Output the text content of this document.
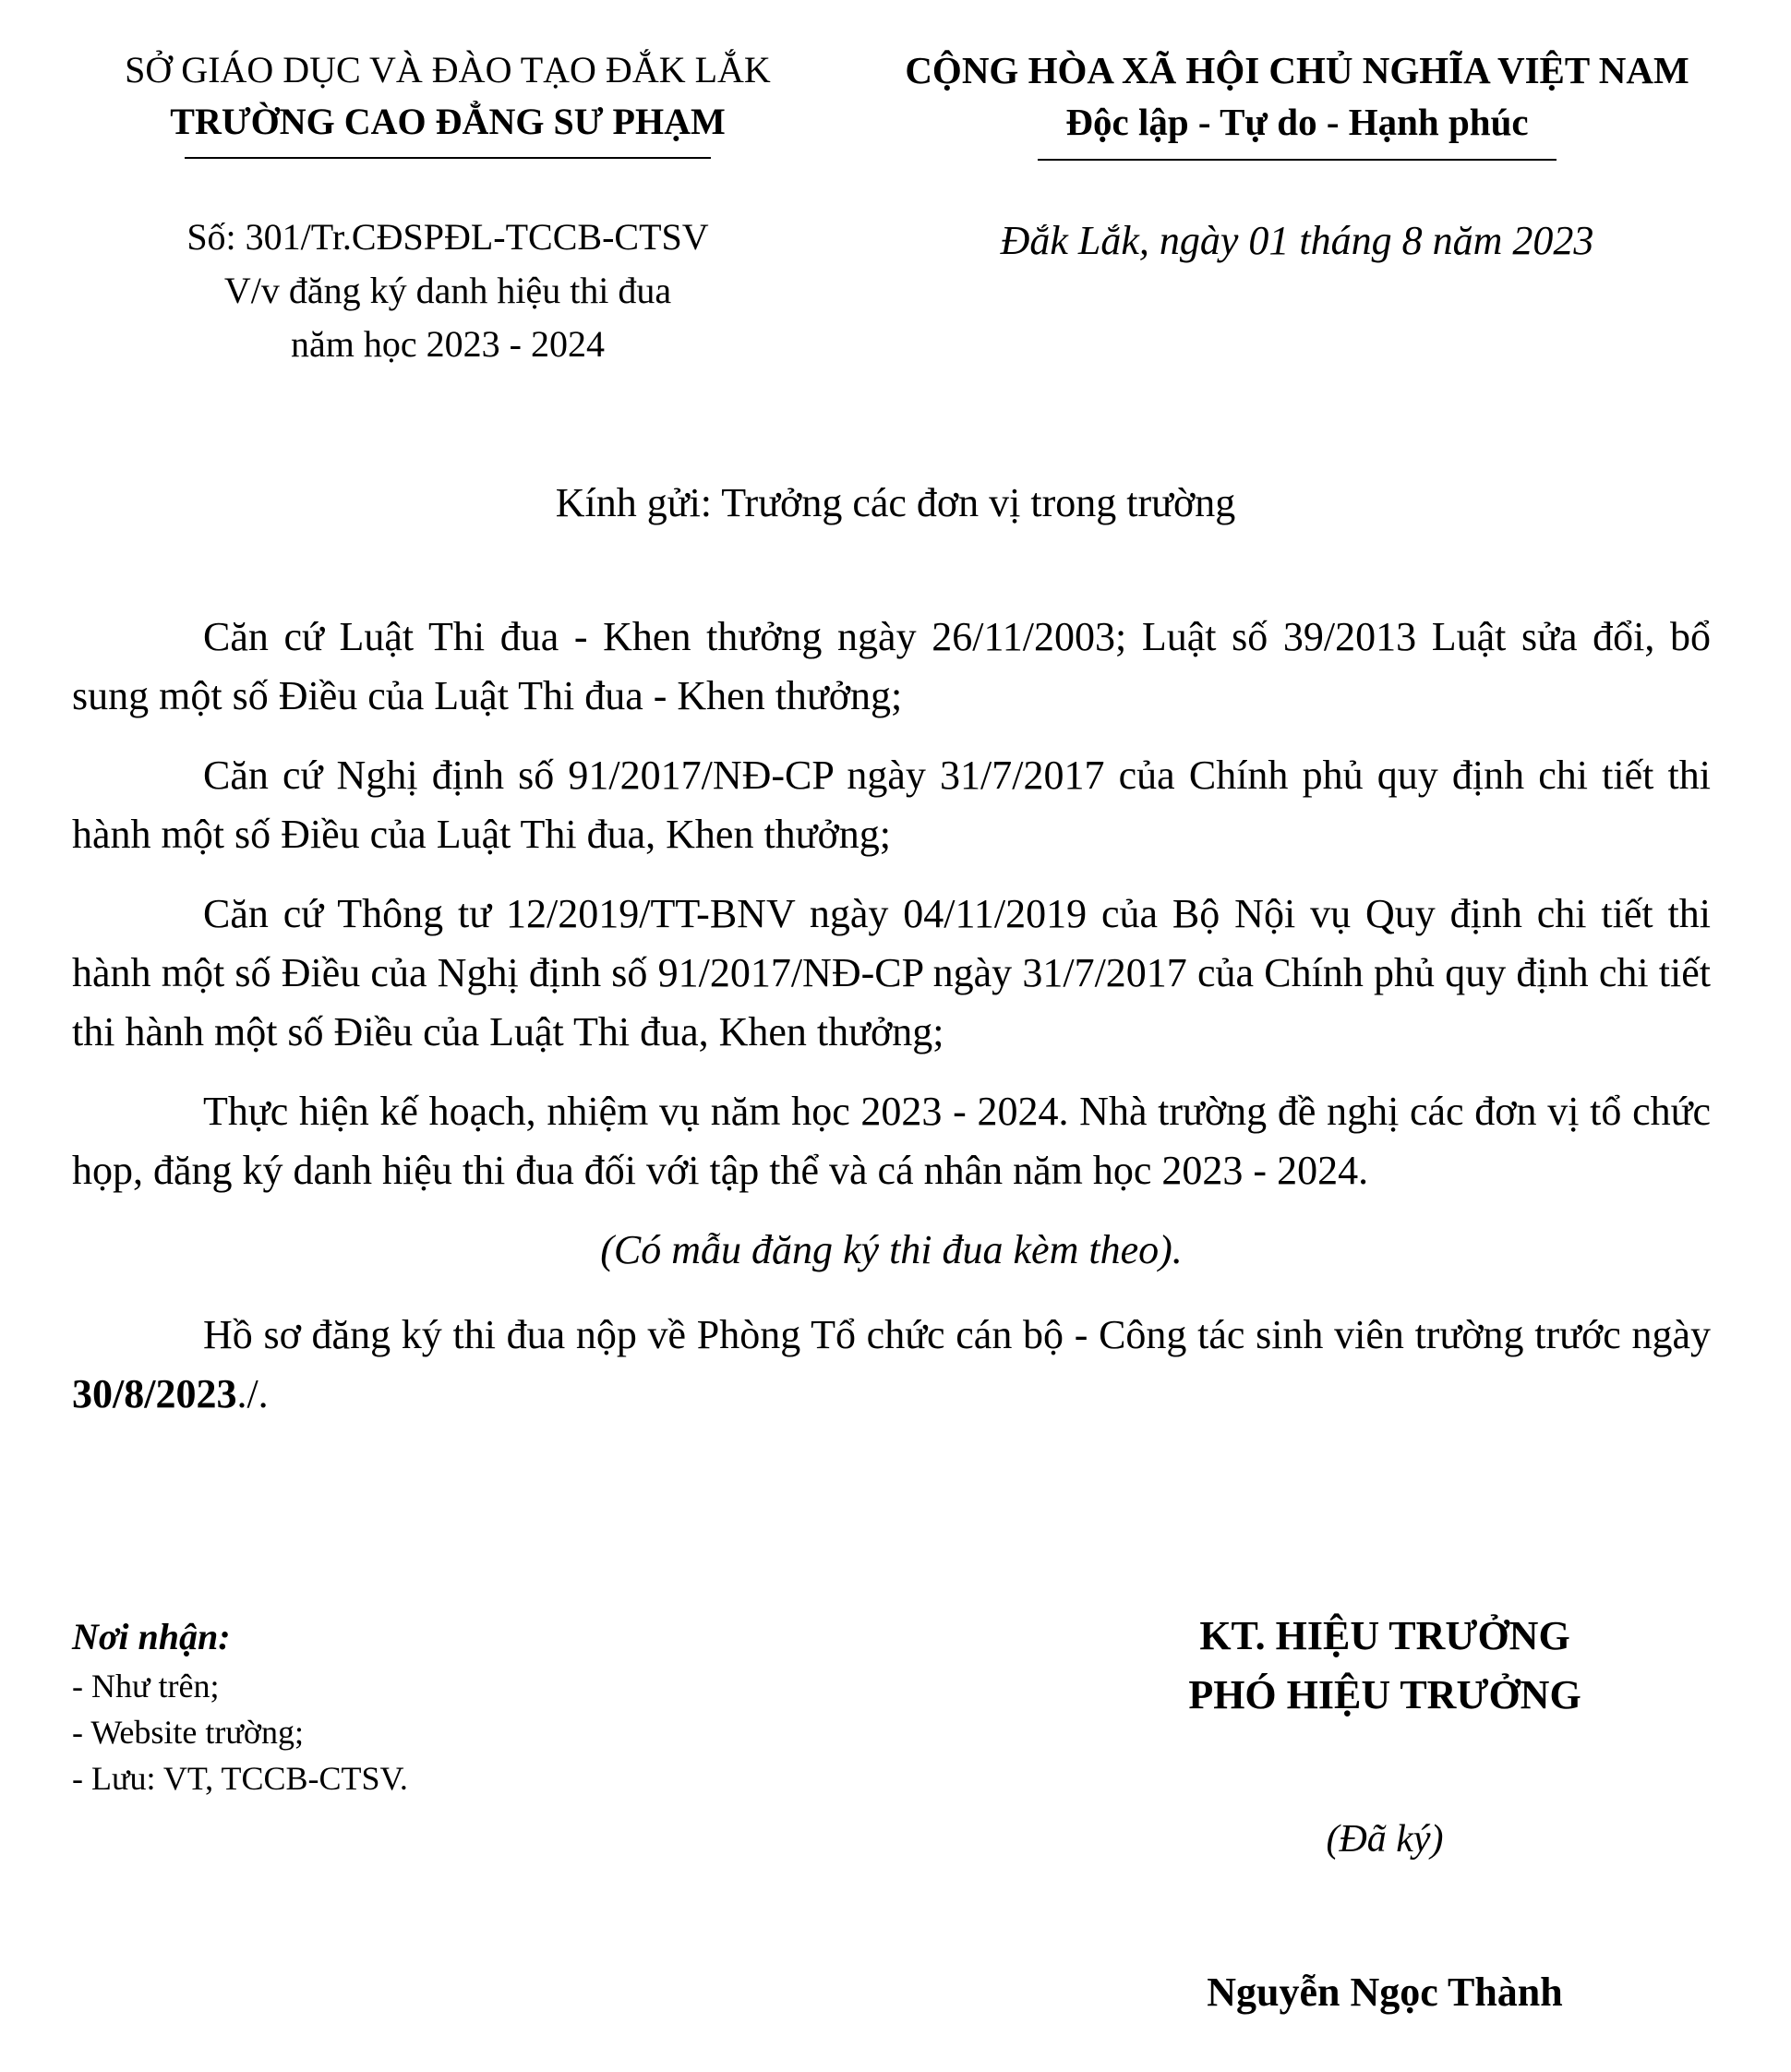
SỞ GIÁO DỤC VÀ ĐÀO TẠO ĐẮK LẮK
TRƯỜNG CAO ĐẲNG SƯ PHẠM
CỘNG HÒA XÃ HỘI CHỦ NGHĨA VIỆT NAM
Độc lập - Tự do - Hạnh phúc
Số: 301/Tr.CĐSPĐL-TCCB-CTSV
V/v đăng ký danh hiệu thi đua
năm học 2023 - 2024
Đắk Lắk, ngày 01 tháng 8 năm 2023
Kính gửi: Trưởng các đơn vị trong trường

Căn cứ Luật Thi đua - Khen thưởng ngày 26/11/2003; Luật số 39/2013 Luật sửa đổi, bổ sung một số Điều của Luật Thi đua - Khen thưởng;

Căn cứ Nghị định số 91/2017/NĐ-CP ngày 31/7/2017 của Chính phủ quy định chi tiết thi hành một số Điều của Luật Thi đua, Khen thưởng;

Căn cứ Thông tư 12/2019/TT-BNV ngày 04/11/2019 của Bộ Nội vụ Quy định chi tiết thi hành một số Điều của Nghị định số 91/2017/NĐ-CP ngày 31/7/2017 của Chính phủ quy định chi tiết thi hành một số Điều của Luật Thi đua, Khen thưởng;

Thực hiện kế hoạch, nhiệm vụ năm học 2023 - 2024. Nhà trường đề nghị các đơn vị tổ chức họp, đăng ký danh hiệu thi đua đối với tập thể và cá nhân năm học 2023 - 2024.

(Có mẫu đăng ký thi đua kèm theo).

Hồ sơ đăng ký thi đua nộp về Phòng Tổ chức cán bộ - Công tác sinh viên trường trước ngày 30/8/2023./.

Nơi nhận:
- Như trên;
- Website trường;
- Lưu: VT, TCCB-CTSV.
KT. HIỆU TRƯỞNG
PHÓ HIỆU TRƯỞNG
(Đã ký)
Nguyễn Ngọc Thành
